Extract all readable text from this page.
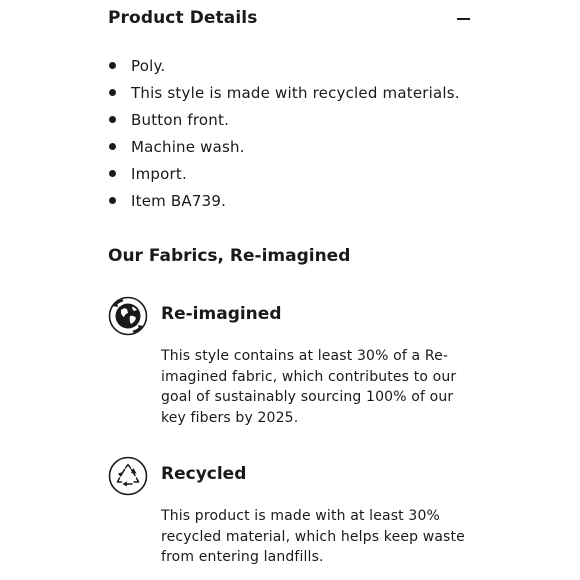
Product Details
Poly.
This style is made with recycled materials.
Button front.
Machine wash.
Import.
Item BA739.
Our Fabrics, Re-imagined
Re-imagined
This style contains at least 30% of a Re-
imagined fabric, which contributes to our
goal of sustainably sourcing 100% of our
key fibers by 2025.
Recycled
This product is made with at least 30%
recycled material, which helps keep waste
from entering landfills.
